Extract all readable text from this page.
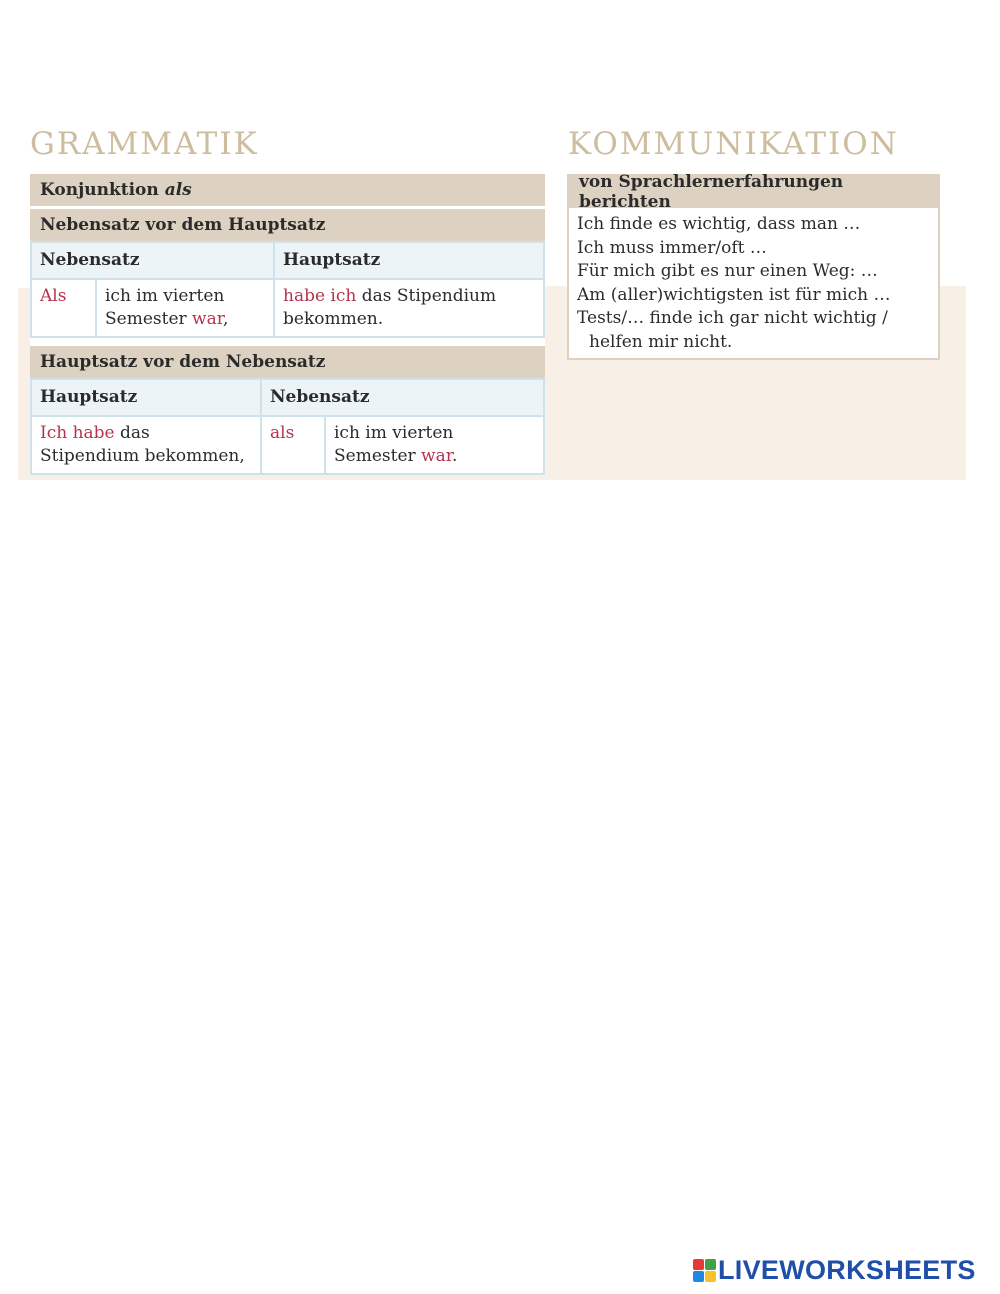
GRAMMATIK	KOMMUNIKATION
Konjunktion
als
Nebensatz vor dem Hauptsatz
Nebensatz		Hauptsatz
Als	ich im vierten Semester war,	habe ich das Stipendium bekommen.
Hauptsatz vor dem Nebensatz
Hauptsatz	Nebensatz	
Ich habe das Stipendium bekommen,	als	ich im vierten Semester war.
von Sprachlernerfahrungen berichten
Ich finde es wichtig, dass man …
Ich muss immer/oft …
Für mich gibt es nur einen Weg: …
Am (aller)wichtigsten ist für mich …
Tests/… finde ich gar nicht wichtig /
helfen mir nicht.
LIVEWORKSHEETS
